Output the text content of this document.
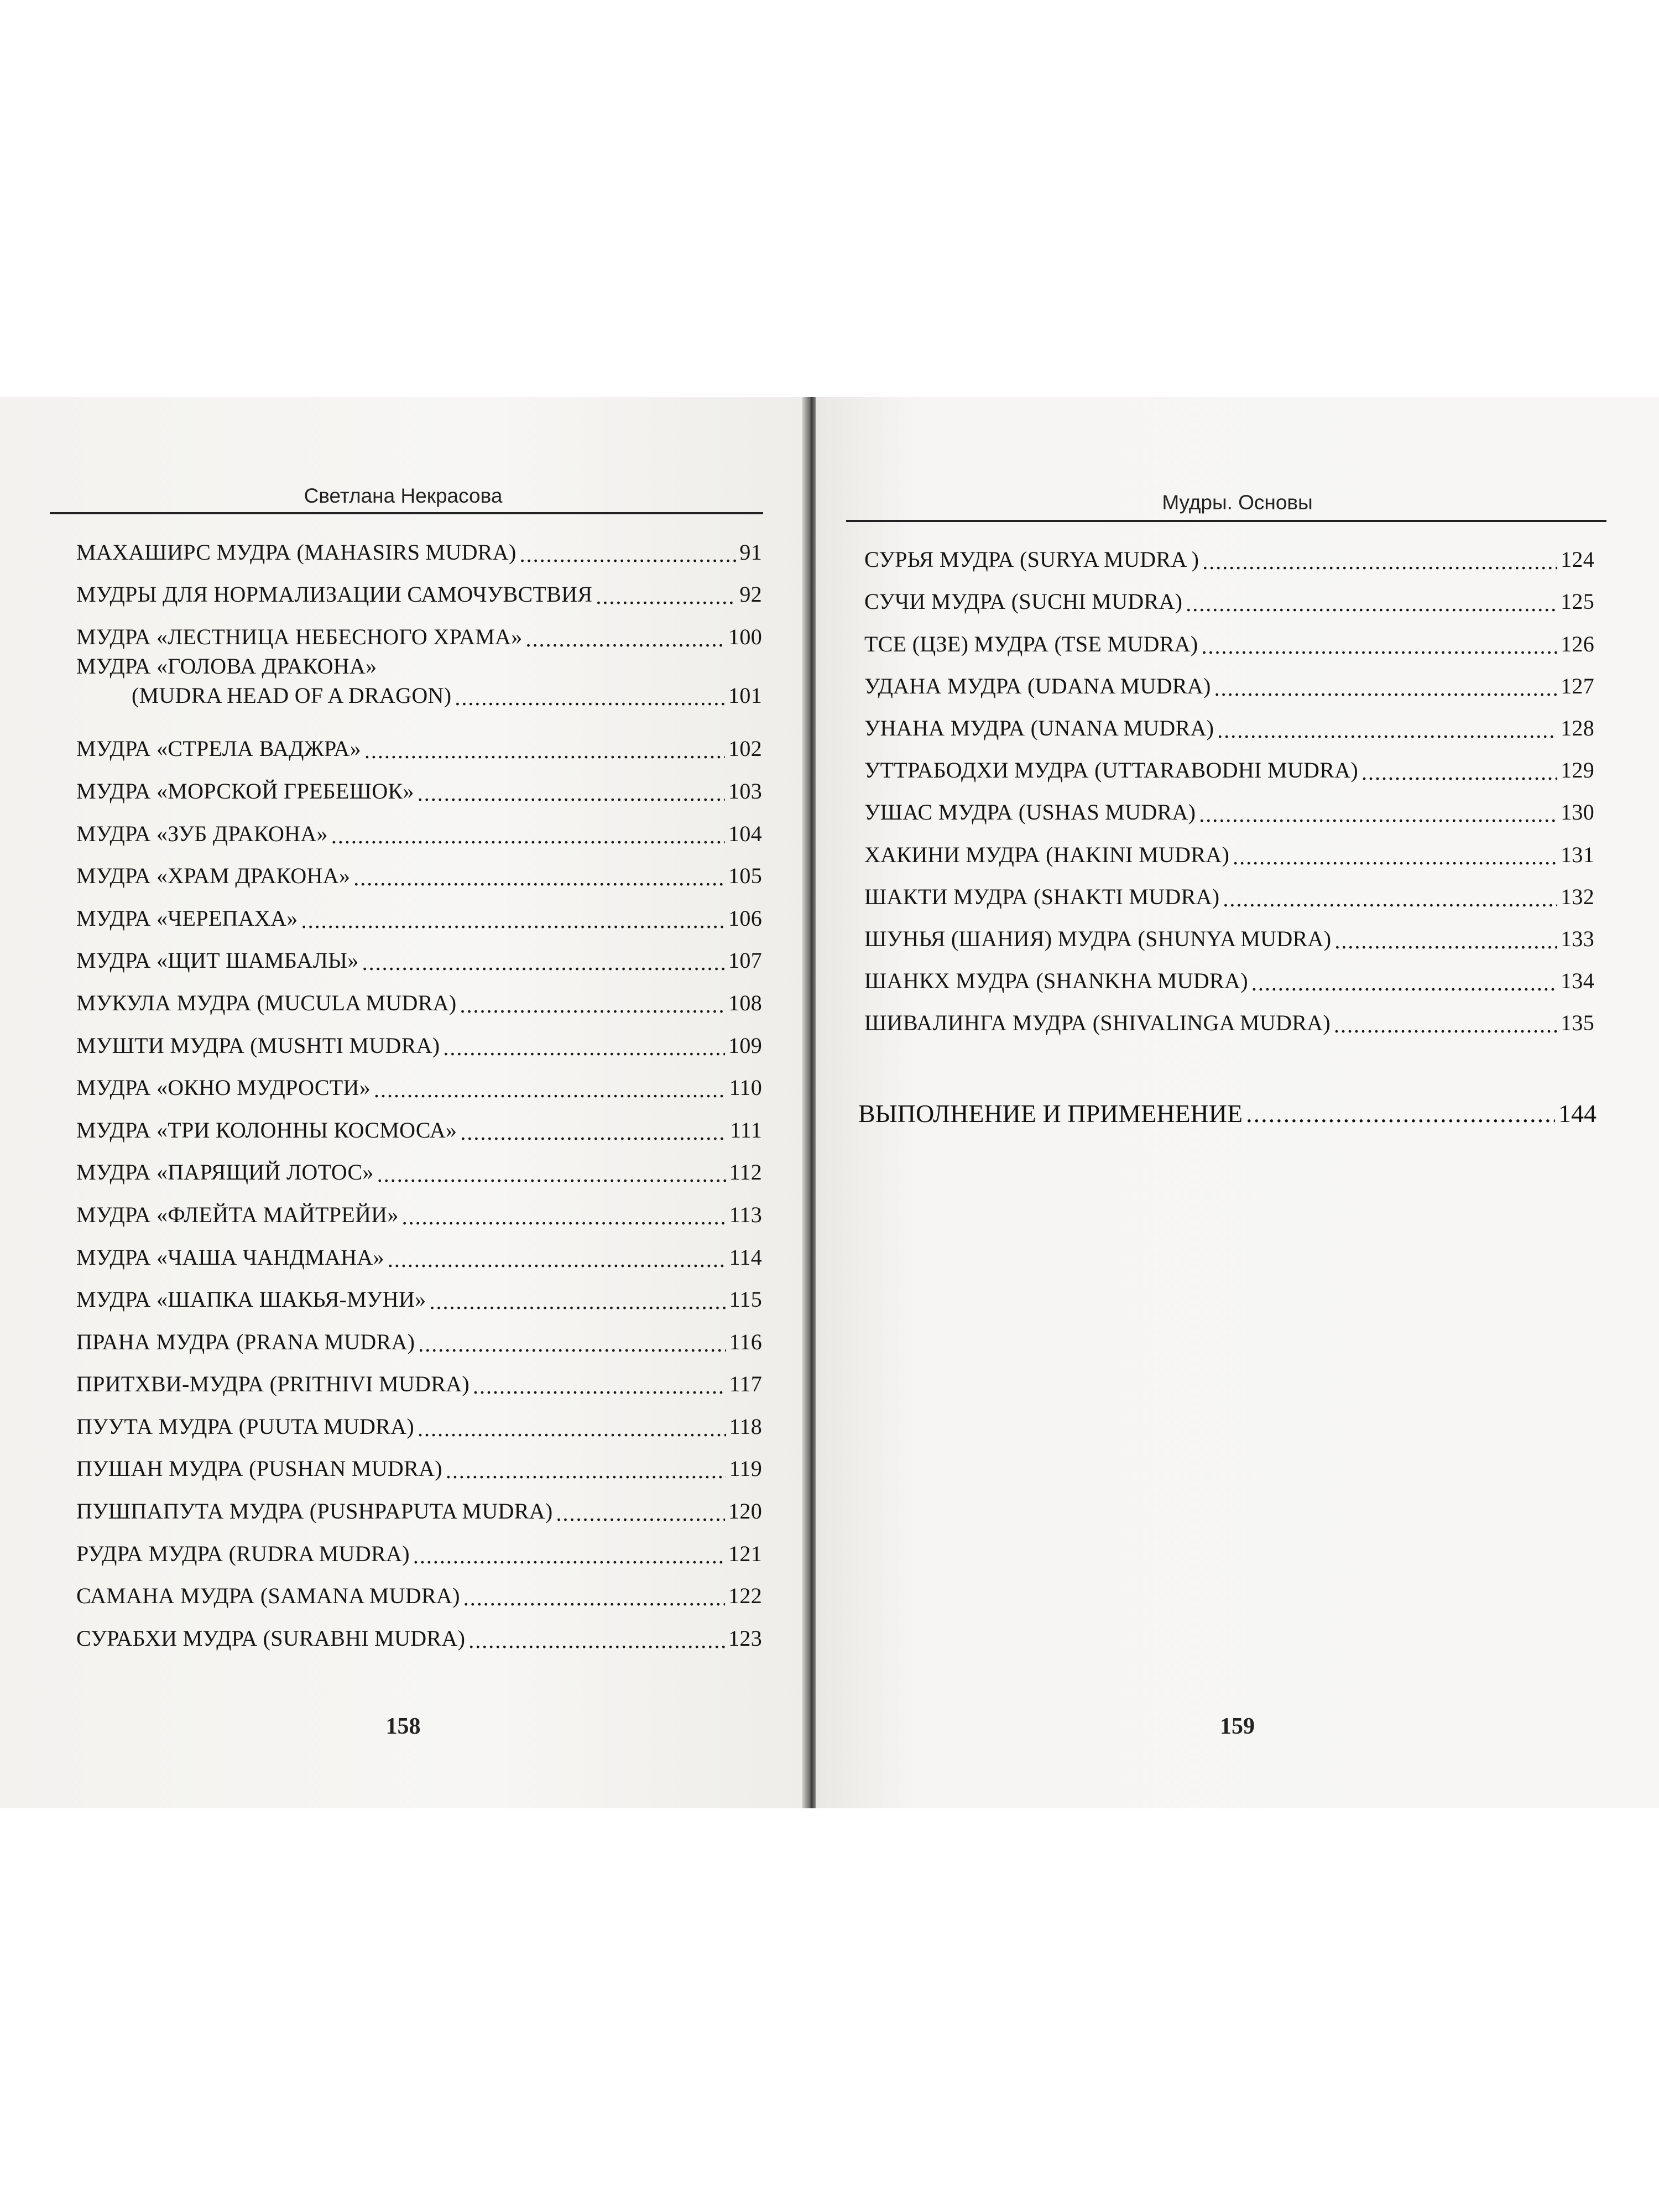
Светлана Некрасова
МАХАШИРС МУДРА (MAHASIRS MUDRA) .....	91
МУДРЫ ДЛЯ НОРМАЛИЗАЦИИ САМОЧУВСТВИЯ .....	92
МУДРА «ЛЕСТНИЦА НЕБЕСНОГО ХРАМА» .....	100
МУДРА «ГОЛОВА ДРАКОНА»
(MUDRA HEAD OF A DRAGON) .....	101
МУДРА «СТРЕЛА ВАДЖРА» .....	102
МУДРА «МОРСКОЙ ГРЕБЕШОК» .....	103
МУДРА «ЗУБ ДРАКОНА» .....	104
МУДРА «ХРАМ ДРАКОНА» .....	105
МУДРА «ЧЕРЕПАХА» .....	106
МУДРА «ЩИТ ШАМБАЛЫ» .....	107
МУКУЛА МУДРА (MUCULA MUDRA) .....	108
МУШТИ МУДРА (MUSHTI MUDRA) .....	109
МУДРА «ОКНО МУДРОСТИ» .....	110
МУДРА «ТРИ КОЛОННЫ КОСМОСА» .....	111
МУДРА «ПАРЯЩИЙ ЛОТОС» .....	112
МУДРА «ФЛЕЙТА МАЙТРЕЙИ» .....	113
МУДРА «ЧАША ЧАНДМАНА» .....	114
МУДРА «ШАПКА ШАКЬЯ-МУНИ» .....	115
ПРАНА МУДРА (PRANA MUDRA) .....	116
ПРИТХВИ-МУДРА (PRITHIVI MUDRA) .....	117
ПУУТА МУДРА (PUUTA MUDRA) .....	118
ПУШАН МУДРА (PUSHAN MUDRA) .....	119
ПУШПАПУТА МУДРА (PUSHPAPUTA MUDRA) .....	120
РУДРА МУДРА (RUDRA MUDRA) .....	121
САМАНА МУДРА (SAMANA MUDRA) .....	122
СУРАБХИ МУДРА (SURABHI MUDRA) .....	123
158
Мудры. Основы
СУРЬЯ МУДРА (SURYA MUDRA ) .....	124
СУЧИ МУДРА (SUCHI MUDRA) .....	125
ТСЕ (ЦЗЕ) МУДРА (TSE MUDRA) .....	126
УДАНА МУДРА (UDANA MUDRA) .....	127
УНАНА МУДРА (UNANA MUDRA) .....	128
УТТРАБОДХИ МУДРА (UTTARABODHI MUDRA) .....	129
УШАС МУДРА (USHAS MUDRA) .....	130
ХАКИНИ МУДРА (HAKINI MUDRA) .....	131
ШАКТИ МУДРА (SHAKTI MUDRA) .....	132
ШУНЬЯ (ШАНИЯ) МУДРА (SHUNYA MUDRA) .....	133
ШАНКХ МУДРА (SHANKHA MUDRA) .....	134
ШИВАЛИНГА МУДРА (SHIVALINGA MUDRA) .....	135
ВЫПОЛНЕНИЕ И ПРИМЕНЕНИЕ .....	144
159
